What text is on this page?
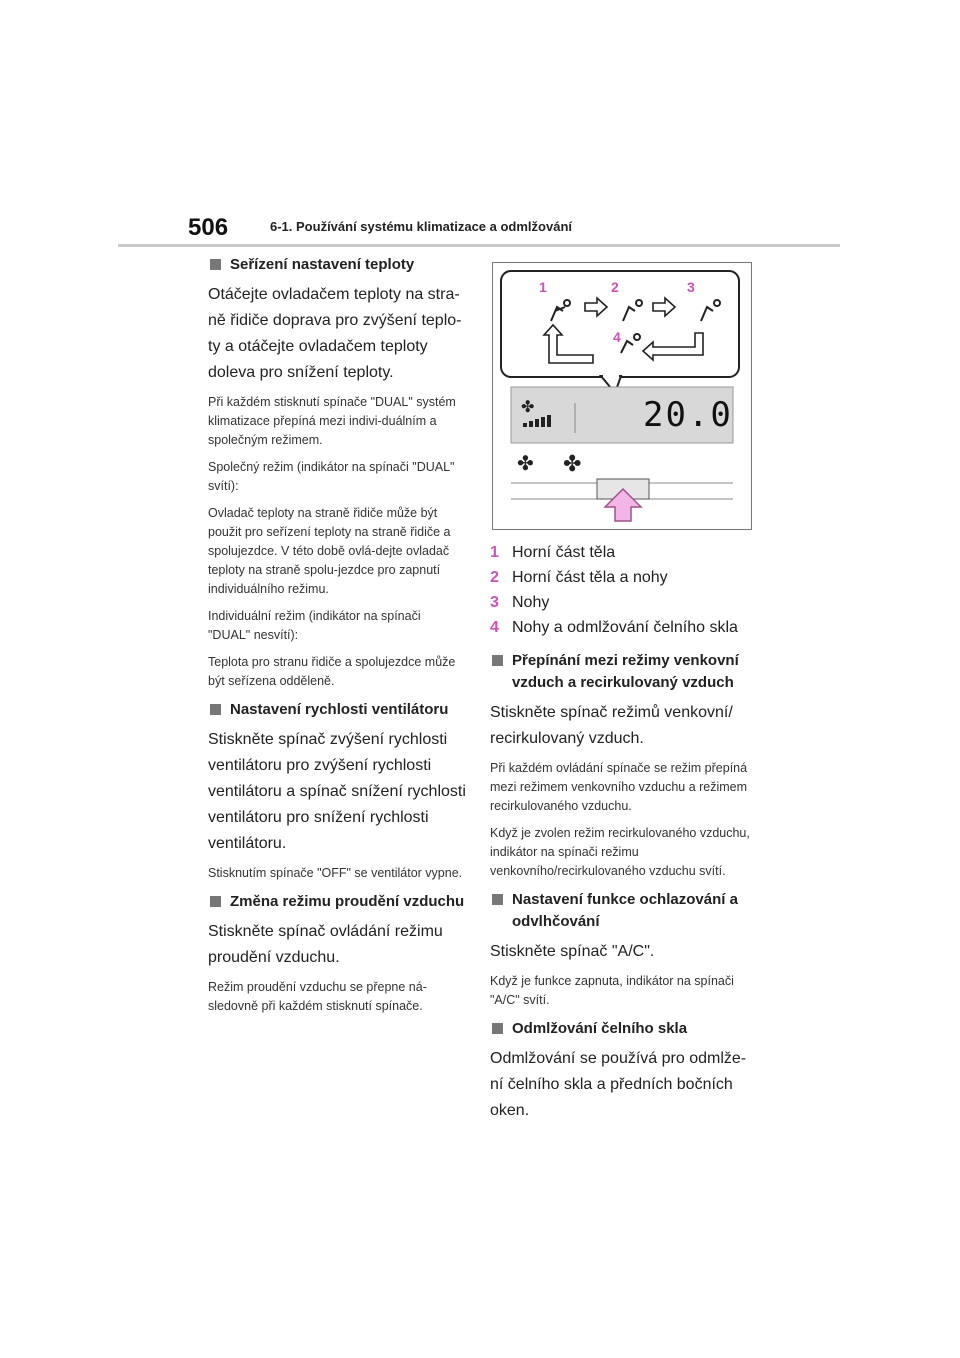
506	6-1. Používání systému klimatizace a odmlžování
Seřízení nastavení teploty

Otáčejte ovladačem teploty na stra-ně řidiče doprava pro zvýšení teplo-ty a otáčejte ovladačem teploty doleva pro snížení teploty.

Při každém stisknutí spínače "DUAL" systém klimatizace přepíná mezi indivi-duálním a společným režimem.

Společný režim (indikátor na spínači "DUAL" svítí):

Ovladač teploty na straně řidiče může být použit pro seřízení teploty na straně řidiče a spolujezdce. V této době ovlá-dejte ovladač teploty na straně spolu-jezdce pro zapnutí individuálního režimu.

Individuální režim (indikátor na spínači "DUAL" nesvítí):

Teplota pro stranu řidiče a spolujezdce může být seřízena odděleně.

Nastavení rychlosti ventilátoru

Stiskněte spínač zvýšení rychlosti ventilátoru pro zvýšení rychlosti ventilátoru a spínač snížení rychlosti ventilátoru pro snížení rychlosti ventilátoru.

Stisknutím spínače "OFF" se ventilátor vypne.

Změna režimu proudění vzduchu

Stiskněte spínač ovládání režimu proudění vzduchu.

Režim proudění vzduchu se přepne ná-sledovně při každém stisknutí spínače.

1	2	3
4
20.0
✤
✤ ✤
1 Horní část těla
2 Horní část těla a nohy
3 Nohy
4 Nohy a odmlžování čelního skla
Přepínání mezi režimy venkovní vzduch a recirkulovaný vzduch

Stiskněte spínač režimů venkovní/ recirkulovaný vzduch.

Při každém ovládání spínače se režim přepíná mezi režimem venkovního vzduchu a režimem recirkulovaného vzduchu.

Když je zvolen režim recirkulovaného vzduchu, indikátor na spínači režimu venkovního/recirkulovaného vzduchu svítí.

Nastavení funkce ochlazování a odvlhčování

Stiskněte spínač "A/C".

Když je funkce zapnuta, indikátor na spínači "A/C" svítí.

Odmlžování čelního skla

Odmlžování se používá pro odmlže-ní čelního skla a předních bočních oken.
